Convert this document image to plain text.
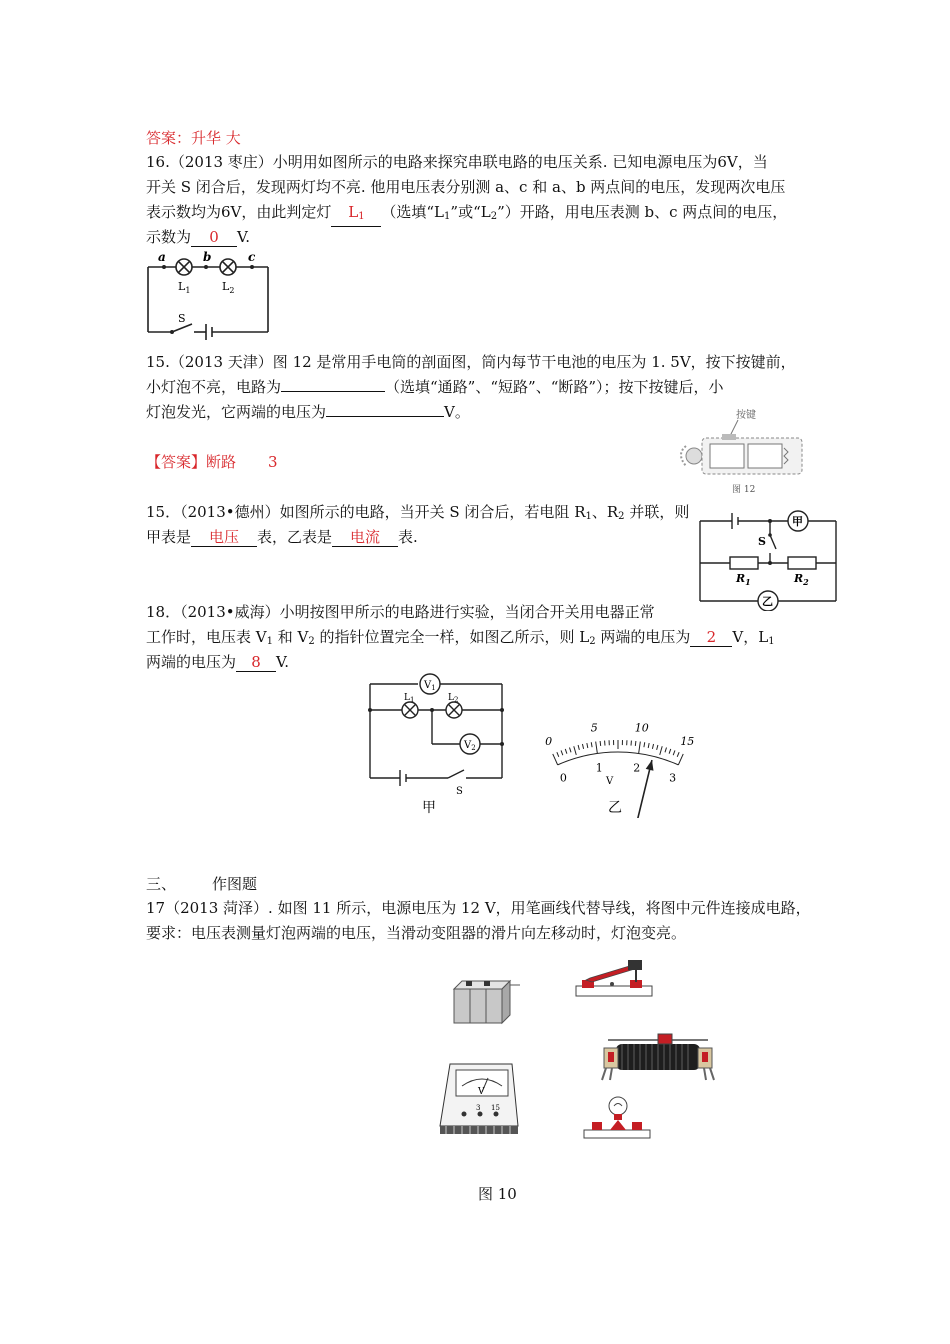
答案：升华 大
16.（2013 枣庄）小明用如图所示的电路来探究串联电路的电压关系. 已知电源电压为6V，当
开关 S 闭合后，发现两灯均不亮. 他用电压表分别测 a、c 和 a、b 两点间的电压，发现两次电压
表示数均为6V，由此判定灯 $L_1$ （选填“$L_1$”或“$L_2$”）开路，用电压表测 b、c 两点间的电压，
示数为 0 V.
a	b	c
$L_1$	$L_2$
S
15.（2013 天津）图 12 是常用手电筒的剖面图，筒内每节干电池的电压为 1. 5V，按下按键前，
小灯泡不亮，电路为	（选填“通路”、“短路”、“断路”）；按下按键后，小
灯泡发光，它两端的电压为	V。
【答案】断路 3
按键
图 12
15．（2013•德州）如图所示的电路，当开关 S 闭合后，若电阻 $R_1$、$R_2$ 并联，则
甲表是 电压 表，乙表是 电流 表.
甲
乙
S
$R_1$	$R_2$
18．（2013•威海）小明按图甲所示的电路进行实验，当闭合开关用电器正常
工作时，电压表 $V_1$ 和 $V_2$ 的指针位置完全一样，如图乙所示，则 $L_2$ 两端的电压为 2 V，$L_1$
两端的电压为 8 V.
$V_1$
$V_2$
$L_1$	$L_2$
S
甲
0
5	10
15
0
1	2
3
V
乙
三、 作图题
17（2013 菏泽）. 如图 11 所示，电源电压为 12 V，用笔画线代替导线，将图中元件连接成电路，
要求：电压表测量灯泡两端的电压，当滑动变阻器的滑片向左移动时，灯泡变亮。
V
3 15
图 10
